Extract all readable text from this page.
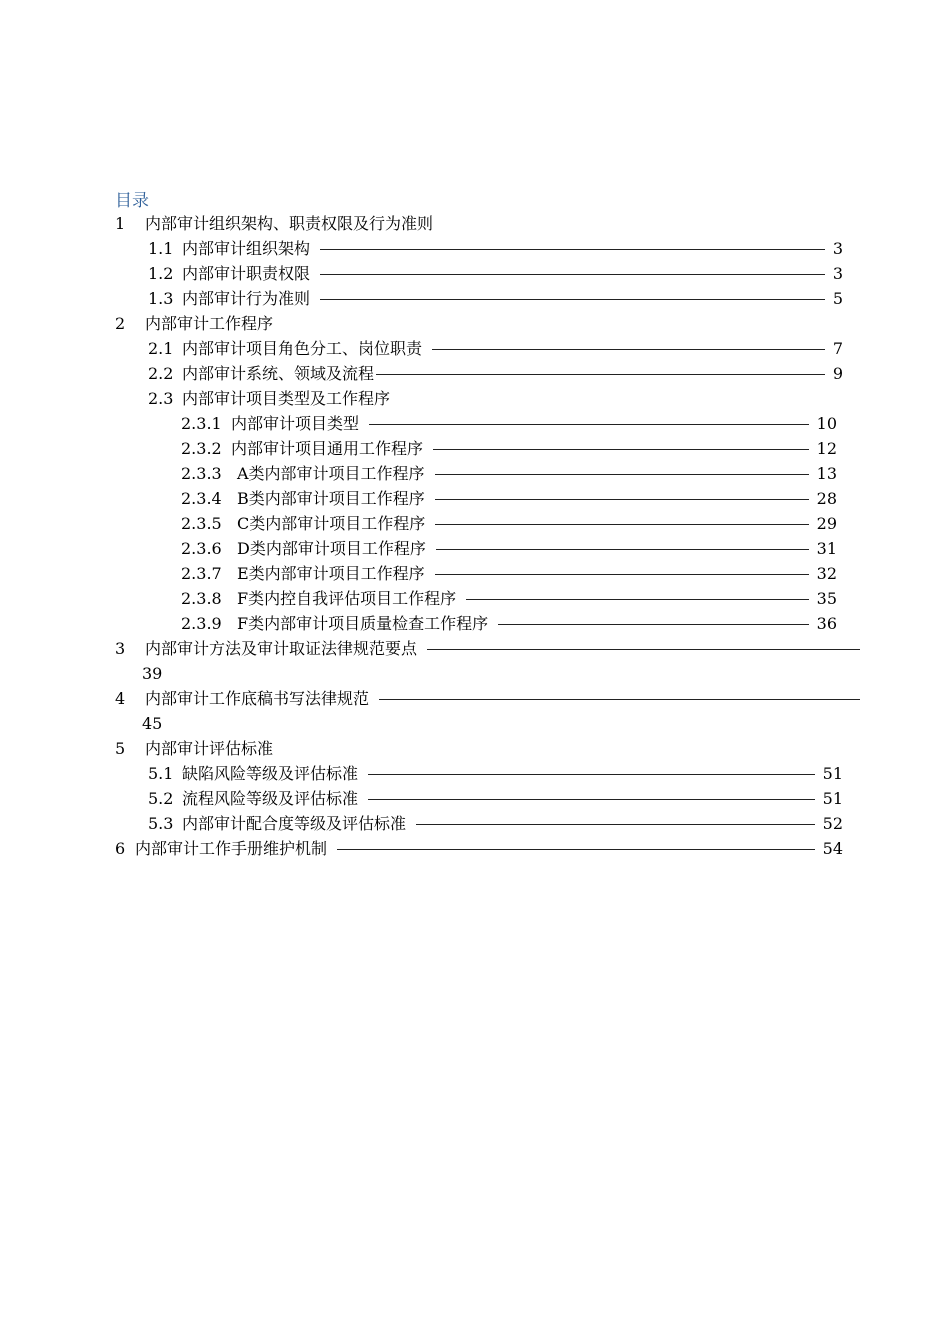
目录
1	内部审计组织架构、职责权限及行为准则
1.1 内部审计组织架构	3
1.2 内部审计职责权限	3
1.3 内部审计行为准则	5
2	内部审计工作程序
2.1 内部审计项目角色分工、岗位职责	7
2.2 内部审计系统、领域及流程	9
2.3 内部审计项目类型及工作程序
2.3.1 内部审计项目类型	10
2.3.2 内部审计项目通用工作程序	12
2.3.3 A类内部审计项目工作程序	13
2.3.4 B类内部审计项目工作程序	28
2.3.5 C类内部审计项目工作程序	29
2.3.6 D类内部审计项目工作程序	31
2.3.7 E类内部审计项目工作程序	32
2.3.8 F类内控自我评估项目工作程序	35
2.3.9 F类内部审计项目质量检查工作程序	36
3	内部审计方法及审计取证法律规范要点
39
4	内部审计工作底稿书写法律规范
45
5	内部审计评估标准
5.1 缺陷风险等级及评估标准	51
5.2 流程风险等级及评估标准	51
5.3 内部审计配合度等级及评估标准	52
6 内部审计工作手册维护机制	54
